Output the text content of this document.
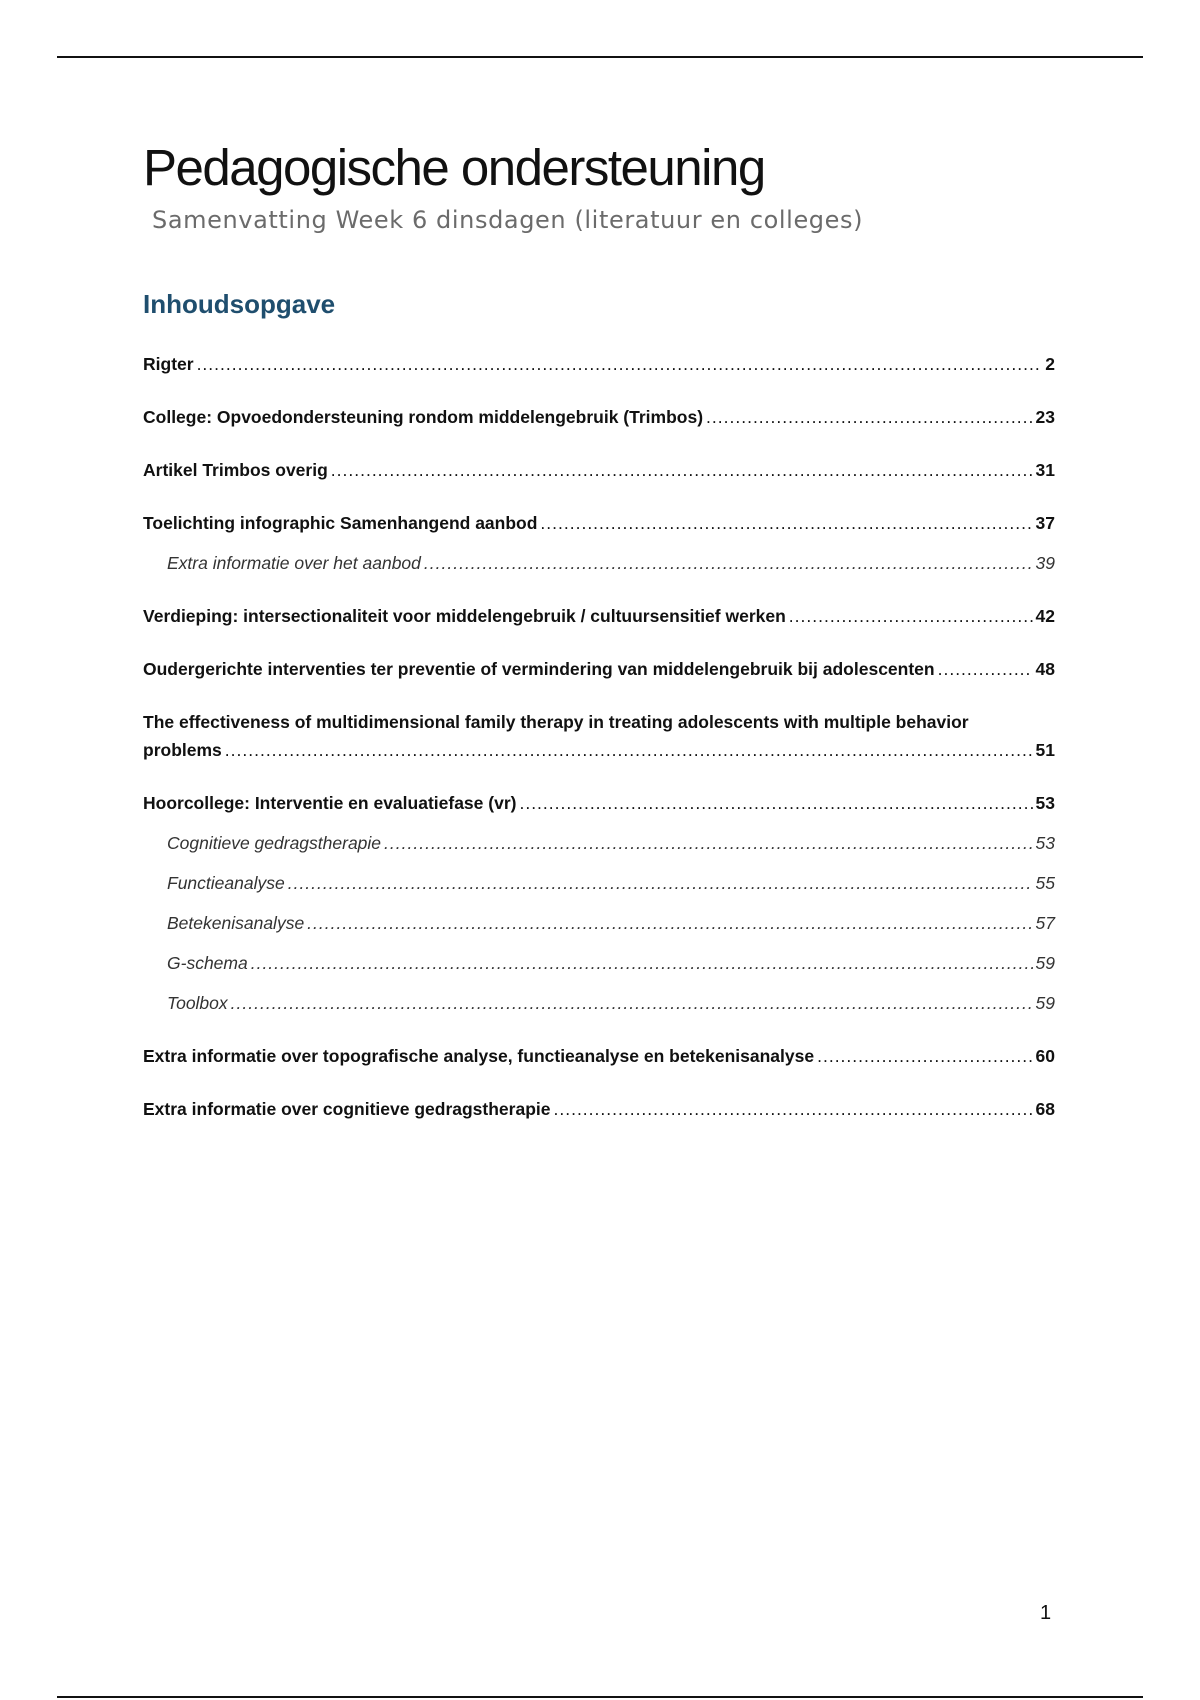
Pedagogische ondersteuning
Samenvatting Week 6 dinsdagen (literatuur en colleges)
Inhoudsopgave
Rigter .....	2
College: Opvoedondersteuning rondom middelengebruik (Trimbos) .....	23
Artikel Trimbos overig .....	31
Toelichting infographic Samenhangend aanbod .....	37
Extra informatie over het aanbod .....	39
Verdieping: intersectionaliteit voor middelengebruik / cultuursensitief werken .....	42
Oudergerichte interventies ter preventie of vermindering van middelengebruik bij adolescenten .....	48
The effectiveness of multidimensional family therapy in treating adolescents with multiple behavior
problems .....	51
Hoorcollege: Interventie en evaluatiefase (vr) .....	53
Cognitieve gedragstherapie .....	53
Functieanalyse .....	55
Betekenisanalyse .....	57
G-schema .....	59
Toolbox .....	59
Extra informatie over topografische analyse, functieanalyse en betekenisanalyse .....	60
Extra informatie over cognitieve gedragstherapie .....	68
1
